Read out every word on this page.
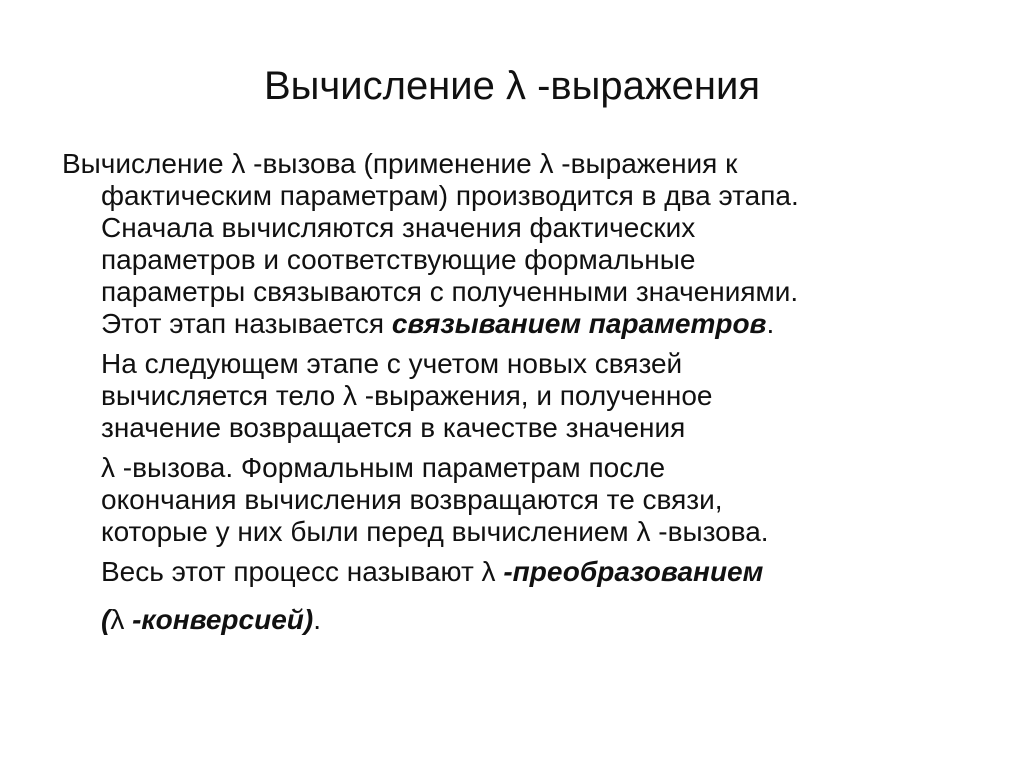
Вычисление λ -выражения
Вычисление λ -вызова (применение λ -выражения к
фактическим параметрам) производится в два этапа.
Сначала вычисляются значения фактических
параметров и соответствующие формальные
параметры связываются с полученными значениями.
Этот этап называется связыванием параметров.
На следующем этапе с учетом новых связей
вычисляется тело λ -выражения, и полученное
значение возвращается в качестве значения
λ -вызова. Формальным параметрам после
окончания вычисления возвращаются те связи,
которые у них были перед вычислением λ -вызова.
Весь этот процесс называют λ -преобразованием
(λ -конверсией).
